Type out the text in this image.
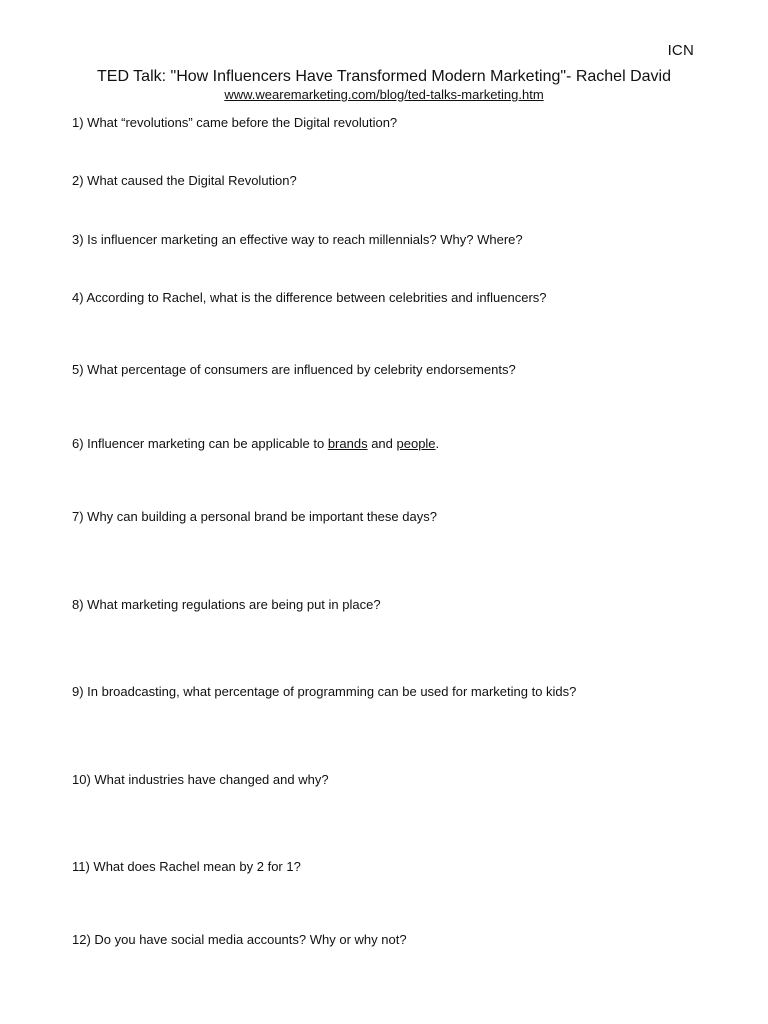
ICN
TED Talk: "How Influencers Have Transformed Modern Marketing"- Rachel David
www.wearemarketing.com/blog/ted-talks-marketing.htm
1) What “revolutions” came before the Digital revolution?
2) What caused the Digital Revolution?
3) Is influencer marketing an effective way to reach millennials? Why? Where?
4) According to Rachel, what is the difference between celebrities and influencers?
5) What percentage of consumers are influenced by celebrity endorsements?
6) Influencer marketing can be applicable to brands and people.
7) Why can building a personal brand be important these days?
8) What marketing regulations are being put in place?
9) In broadcasting, what percentage of programming can be used for marketing to kids?
10) What industries have changed and why?
11) What does Rachel mean by 2 for 1?
12) Do you have social media accounts? Why or why not?
